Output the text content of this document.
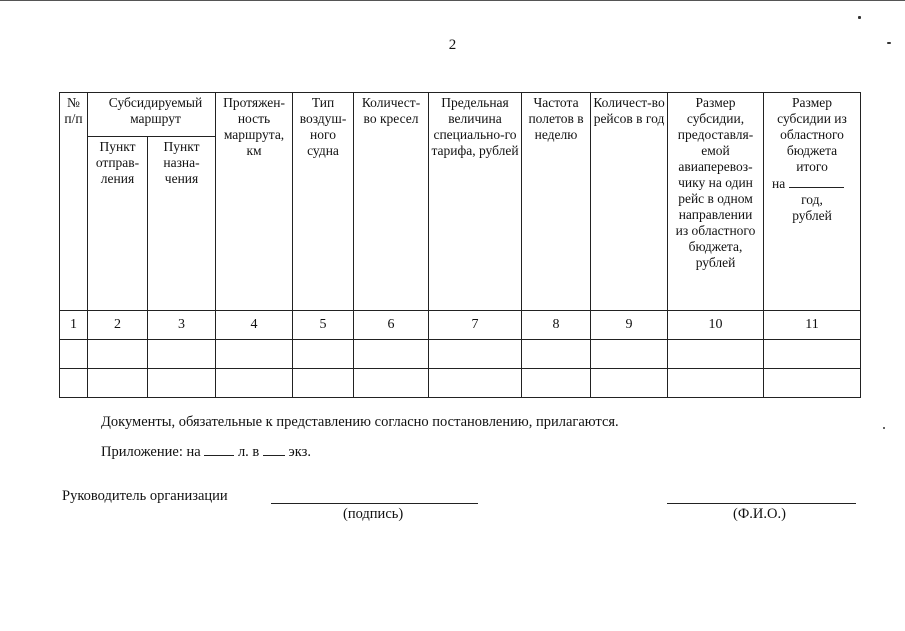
2
№ п/п	Субсидируемый маршрут		Протяжен-ность маршрута, км	Тип воздуш-ного судна	Количест-во кресел	Предельная величина специально-го тарифа, рублей	Частота полетов в неделю	Количест-во рейсов в год	Размер субсидии, предоставля-емой авиаперевоз-чику на один рейс в одном направлении из областного бюджета, рублей	Размер субсидии из областного бюджета итого
на
год, рублей

	Пункт отправ-ления	Пункт назна-чения								
1	2	3	4	5	6	7	8	9	10	11

Документы, обязательные к представлению согласно постановлению, прилагаются.
Приложение: на	л. в экз.
Руководитель организации
(подпись)	(Ф.И.О.)
